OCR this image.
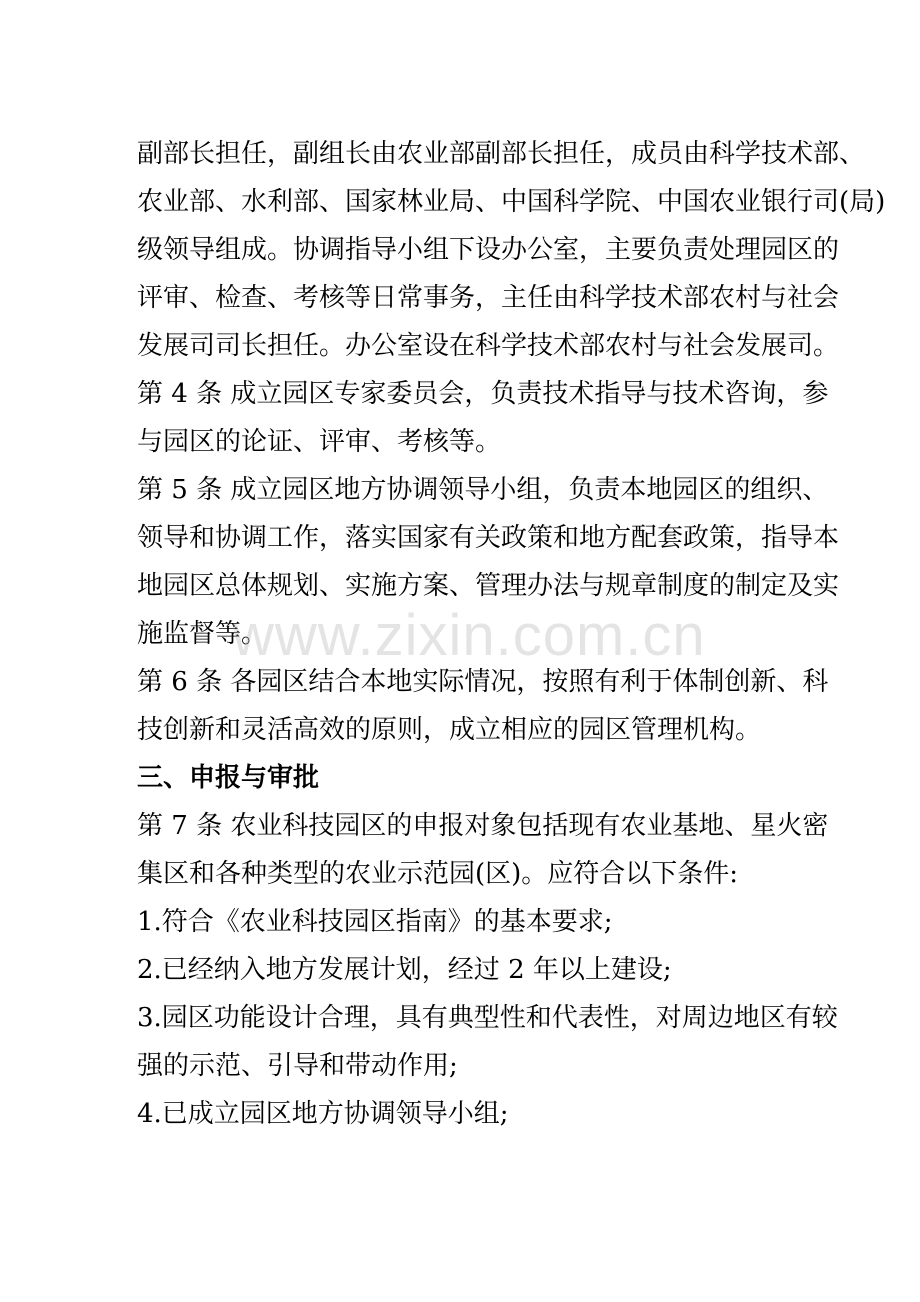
副部长担任，副组长由农业部副部长担任，成员由科学技术部、
农业部、水利部、国家林业局、中国科学院、中国农业银行司(局)
级领导组成。协调指导小组下设办公室，主要负责处理园区的
评审、检查、考核等日常事务，主任由科学技术部农村与社会
发展司司长担任。办公室设在科学技术部农村与社会发展司。
第 4 条 成立园区专家委员会，负责技术指导与技术咨询，参
与园区的论证、评审、考核等。
第 5 条 成立园区地方协调领导小组，负责本地园区的组织、
领导和协调工作，落实国家有关政策和地方配套政策，指导本
地园区总体规划、实施方案、管理办法与规章制度的制定及实
施监督等。
第 6 条 各园区结合本地实际情况，按照有利于体制创新、科
技创新和灵活高效的原则，成立相应的园区管理机构。
三、申报与审批
第 7 条 农业科技园区的申报对象包括现有农业基地、星火密
集区和各种类型的农业示范园(区)。应符合以下条件:
1.符合《农业科技园区指南》的基本要求;
2.已经纳入地方发展计划，经过 2 年以上建设;
3.园区功能设计合理，具有典型性和代表性，对周边地区有较
强的示范、引导和带动作用;
4.已成立园区地方协调领导小组;
www.zixin.com.cn
